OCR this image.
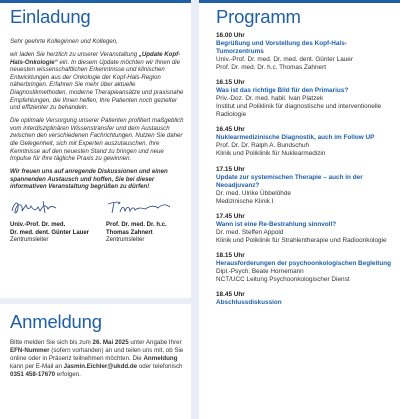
Einladung

Sehr geehrte Kolleginnen und Kollegen,

wir laden Sie herzlich zu unserer Veranstaltung „Update Kopf-Hals-Onkologie“ ein. In diesem Update möchten wir Ihnen die neuesten wissenschaftlichen Erkenntnisse und klinischen Entwicklungen aus der Onkologie der Kopf-Hals-Region näherbringen. Erfahren Sie mehr über aktuelle Diagnostikmethoden, moderne Therapieansätze und praxisnahe Empfehlungen, die Ihnen helfen, Ihre Patienten noch gezielter und effizienter zu behandeln.

Die optimale Versorgung unserer Patienten profitiert maßgeblich vom interdisziplinären Wissenstransfer und dem Austausch zwischen den verschiedenen Fachrichtungen. Nutzen Sie daher die Gelegenheit, sich mit Experten auszutauschen, Ihre Kenntnisse auf den neuesten Stand zu bringen und neue Impulse für Ihre tägliche Praxis zu gewinnen.

Wir freuen uns auf anregende Diskussionen und einen spannenden Austausch und hoffen, Sie bei dieser informativen Veranstaltung begrüßen zu dürfen!

Univ.-Prof. Dr. med.
Dr. med. dent. Günter Lauer
Zentrumsleiter
Prof. Dr. med. Dr. h.c.
Thomas Zahnert
Zentrumsleiter
Anmeldung

Bitte melden Sie sich bis zum 26. Mai 2025 unter Angabe Ihrer EFN-Nummer (sofern vorhanden) an und teilen uns mit, ob Sie online oder in Präsenz teilnehmen möchten. Die Anmeldung kann per E-Mail an Jasmin.Eichler@ukdd.de oder telefonisch 0351 458-17670 erfolgen.

Programm
16.00 Uhr
Begrüßung und Vorstellung des Kopf-Hals-Tumorzentrums
Univ.-Prof. Dr. med. Dr. med. dent. Günter Lauer
Prof. Dr. med. Dr. h.c. Thomas Zahnert
16.15 Uhr
Was ist das richtige Bild für den Primarius?
Priv.-Doz. Dr. med. habil. Ivan Platzek
Institut und Poliklinik für diagnostische und interventionelle Radiologie
16.45 Uhr
Nuklearmedizinische Diagnostik, auch im Follow UP
Prof. Dr. Dr. Ralph A. Bundschuh
Klinik und Poliklinik für Nuklearmedizin
17.15 Uhr
Update zur systemischen Therapie – auch in der Neoadjuvanz?
Dr. med. Ulrike Übbelöhde
Medizinische Klinik I
17.45 Uhr
Wann ist eine Re-Bestrahlung sinnvoll?
Dr. med. Steffen Appold
Klinik und Poliklinik für Strahlentherapie und Radioonkologie
18.15 Uhr
Herausforderungen der psychoonkologischen Begleitung
Dipl.-Psych. Beate Hornemann
NCT/UCC Leitung Psychoonkologischer Dienst
18.45 Uhr
Abschlussdiskussion
